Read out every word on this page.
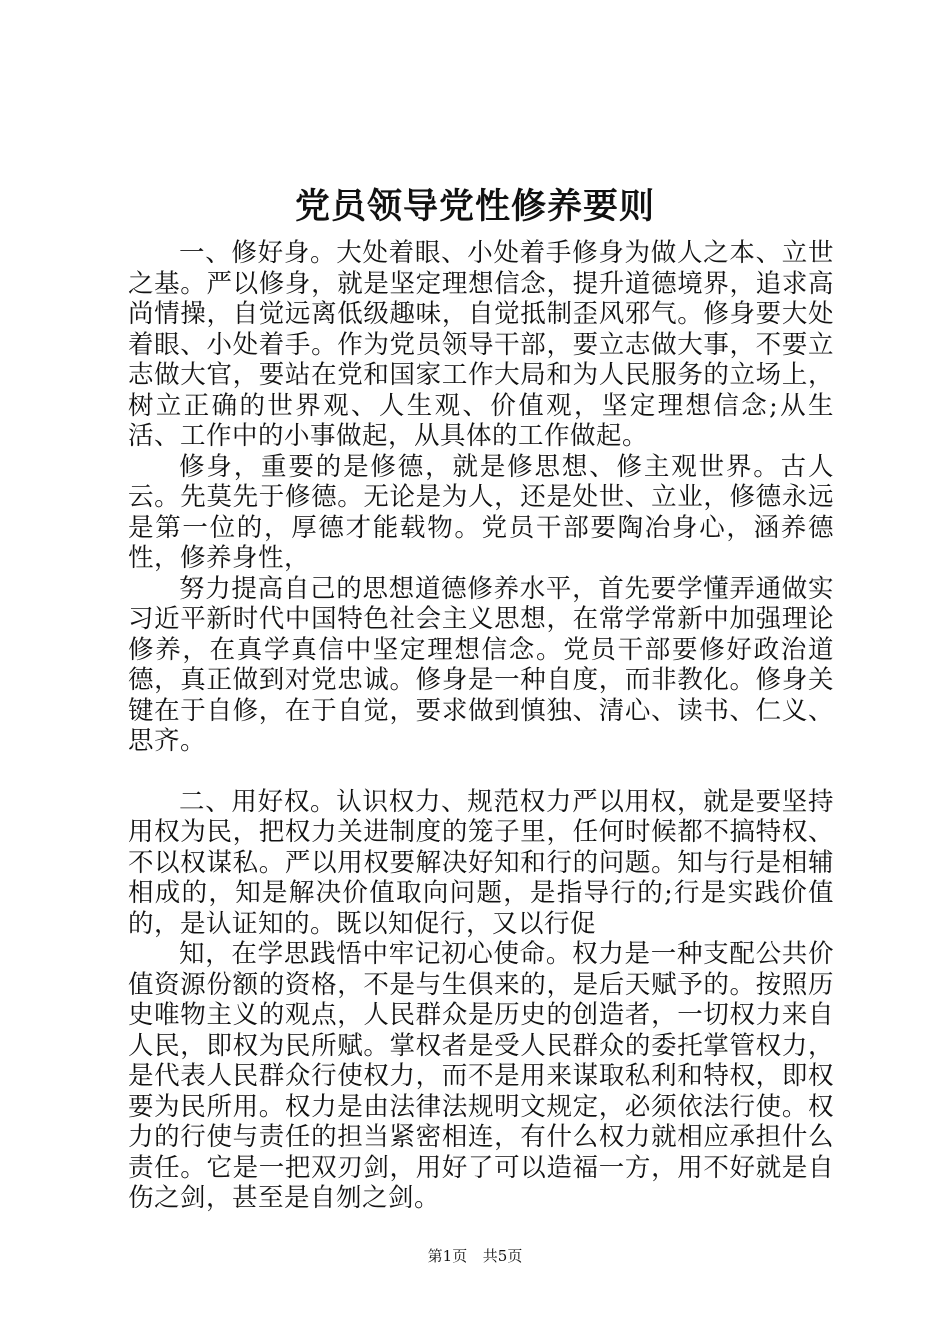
党员领导党性修养要则

一、修好身。大处着眼、小处着手修身为做人之本、立世之基。严以修身，就是坚定理想信念，提升道德境界，追求高尚情操，自觉远离低级趣味，自觉抵制歪风邪气。修身要大处着眼、小处着手。作为党员领导干部，要立志做大事，不要立志做大官，要站在党和国家工作大局和为人民服务的立场上，树立正确的世界观、人生观、价值观，坚定理想信念;从生活、工作中的小事做起，从具体的工作做起。

修身，重要的是修德，就是修思想、修主观世界。古人云。先莫先于修德。无论是为人，还是处世、立业，修德永远是第一位的，厚德才能载物。党员干部要陶冶身心，涵养德性，修养身性，

努力提高自己的思想道德修养水平，首先要学懂弄通做实习近平新时代中国特色社会主义思想，在常学常新中加强理论修养，在真学真信中坚定理想信念。党员干部要修好政治道德，真正做到对党忠诚。修身是一种自度，而非教化。修身关键在于自修，在于自觉，要求做到慎独、清心、读书、仁义、思齐。

二、用好权。认识权力、规范权力严以用权，就是要坚持用权为民，把权力关进制度的笼子里，任何时候都不搞特权、不以权谋私。严以用权要解决好知和行的问题。知与行是相辅相成的，知是解决价值取向问题，是指导行的;行是实践价值的，是认证知的。既以知促行，又以行促

知，在学思践悟中牢记初心使命。权力是一种支配公共价值资源份额的资格，不是与生俱来的，是后天赋予的。按照历史唯物主义的观点，人民群众是历史的创造者，一切权力来自人民，即权为民所赋。掌权者是受人民群众的委托掌管权力，是代表人民群众行使权力，而不是用来谋取私利和特权，即权要为民所用。权力是由法律法规明文规定，必须依法行使。权力的行使与责任的担当紧密相连，有什么权力就相应承担什么责任。它是一把双刃剑，用好了可以造福一方，用不好就是自伤之剑，甚至是自刎之剑。

第1页 共5页
